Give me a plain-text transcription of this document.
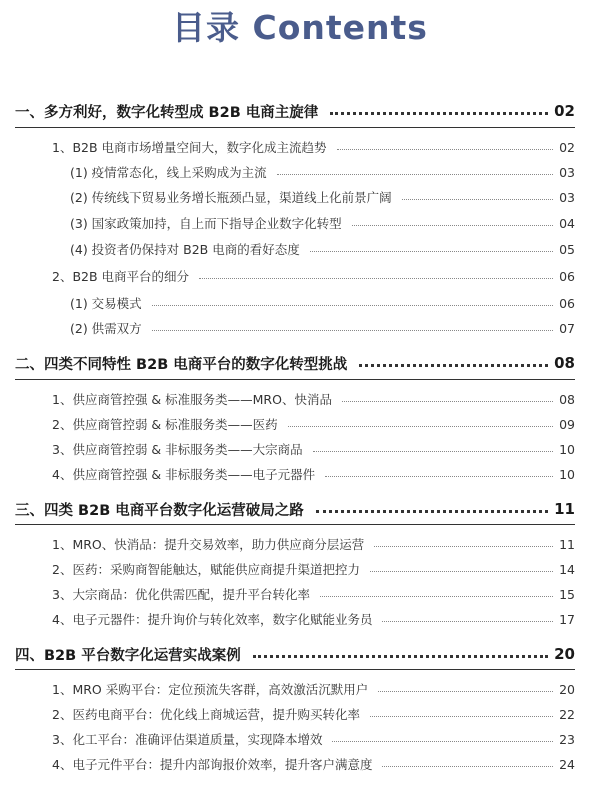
目录 Contents
一、多方利好，数字化转型成 B2B 电商主旋律	02
1、B2B 电商市场增量空间大，数字化成主流趋势	02
(1) 疫情常态化，线上采购成为主流	03
(2) 传统线下贸易业务增长瓶颈凸显，渠道线上化前景广阔	03
(3) 国家政策加持，自上而下指导企业数字化转型	04
(4) 投资者仍保持对 B2B 电商的看好态度	05
2、B2B 电商平台的细分	06
(1) 交易模式	06
(2) 供需双方	07
二、四类不同特性 B2B 电商平台的数字化转型挑战	08
1、供应商管控强 & 标准服务类——MRO、快消品	08
2、供应商管控弱 & 标准服务类——医药	09
3、供应商管控弱 & 非标服务类——大宗商品	10
4、供应商管控强 & 非标服务类——电子元器件	10
三、四类 B2B 电商平台数字化运营破局之路	11
1、MRO、快消品：提升交易效率，助力供应商分层运营	11
2、医药：采购商智能触达，赋能供应商提升渠道把控力	14
3、大宗商品：优化供需匹配，提升平台转化率	15
4、电子元器件：提升询价与转化效率，数字化赋能业务员	17
四、B2B 平台数字化运营实战案例	20
1、MRO 采购平台：定位预流失客群，高效激活沉默用户	20
2、医药电商平台：优化线上商城运营，提升购买转化率	22
3、化工平台：准确评估渠道质量，实现降本增效	23
4、电子元件平台：提升内部询报价效率，提升客户满意度	24
